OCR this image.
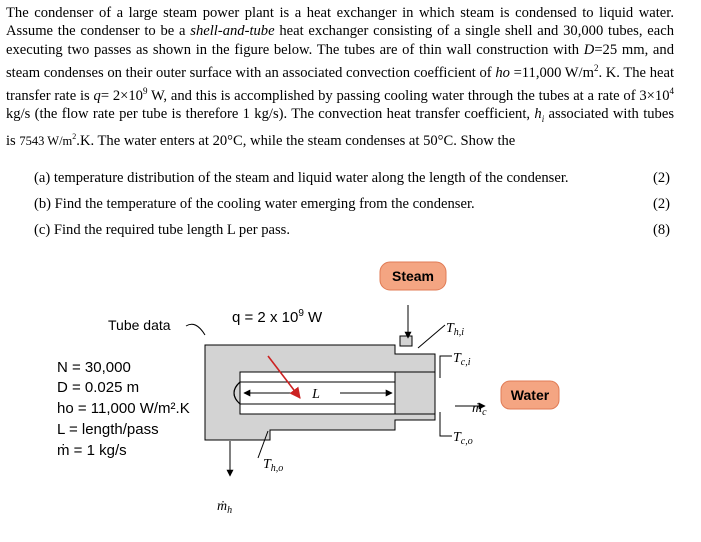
The condenser of a large steam power plant is a heat exchanger in which steam is condensed to liquid water. Assume the condenser to be a shell-and-tube heat exchanger consisting of a single shell and 30,000 tubes, each executing two passes as shown in the figure below. The tubes are of thin wall construction with D=25 mm, and steam condenses on their outer surface with an associated convection coefficient of ho =11,000 $W/m^2$. K. The heat transfer rate is $q= 2\times 10^9$ W, and this is accomplished by passing cooling water through the tubes at a rate of $3\times 10^4$ kg/s (the flow rate per tube is therefore 1 kg/s). The convection heat transfer coefficient, $h_i$ associated with tubes is 7543 $W/m^2.K$. The water enters at 20°C, while the steam condenses at 50°C. Show the

(a) temperature distribution of the steam and liquid water along the length of the condenser.	(2)
(b) Find the temperature of the cooling water emerging from the condenser.	(2)
(c) Find the required tube length L per pass.	(8)
L
q = 2 x $10^9$ W
Steam
$T_{h,i}$
$T_{c,i}$
ṁ$_c$
Water
$T_{c,o}$
ṁ$_h$
$T_{h,o}$
Tube data
N = 30,000
D = 0.025 m
ho = 11,000 W/m².K
L = length/pass
ṁ = 1 kg/s
